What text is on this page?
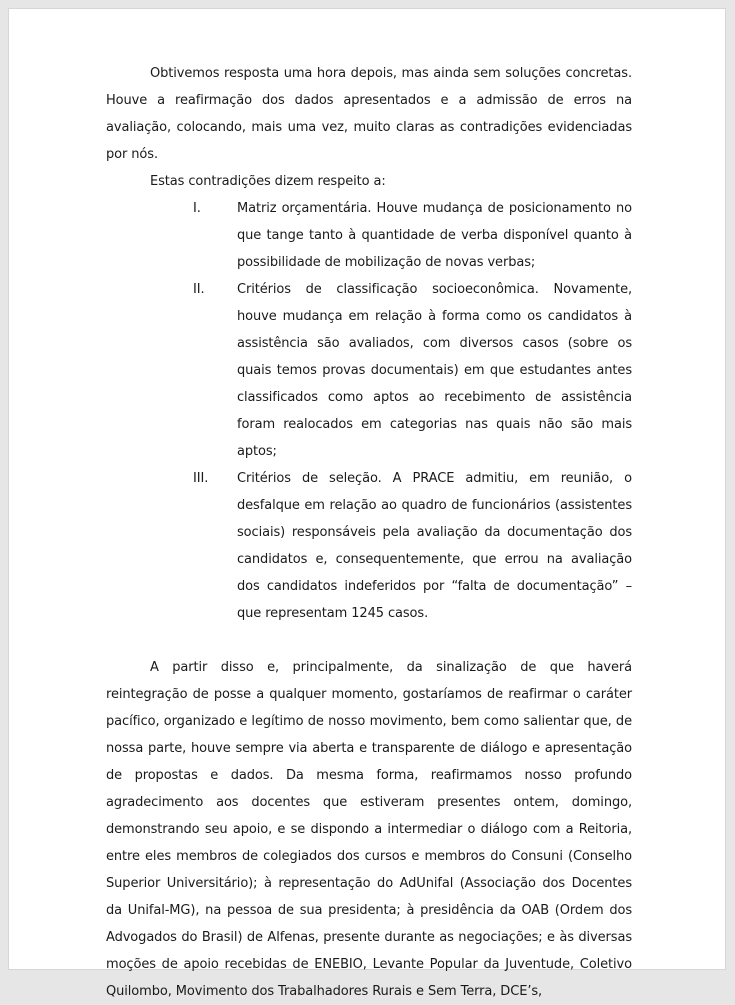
Obtivemos resposta uma hora depois, mas ainda sem soluções concretas. Houve a reafirmação dos dados apresentados e a admissão de erros na avaliação, colocando, mais uma vez, muito claras as contradições evidenciadas por nós.

Estas contradições dizem respeito a:

I.	Matriz orçamentária. Houve mudança de posicionamento no que tange tanto à quantidade de verba disponível quanto à possibilidade de mobilização de novas verbas;
II.	Critérios de classificação socioeconômica. Novamente, houve mudança em relação à forma como os candidatos à assistência são avaliados, com diversos casos (sobre os quais temos provas documentais) em que estudantes antes classificados como aptos ao recebimento de assistência foram realocados em categorias nas quais não são mais aptos;
III.	Critérios de seleção. A PRACE admitiu, em reunião, o desfalque em relação ao quadro de funcionários (assistentes sociais) responsáveis pela avaliação da documentação dos candidatos e, consequentemente, que errou na avaliação dos candidatos indeferidos por “falta de documentação” – que representam 1245 casos.

A partir disso e, principalmente, da sinalização de que haverá reintegração de posse a qualquer momento, gostaríamos de reafirmar o caráter pacífico, organizado e legítimo de nosso movimento, bem como salientar que, de nossa parte, houve sempre via aberta e transparente de diálogo e apresentação de propostas e dados. Da mesma forma, reafirmamos nosso profundo agradecimento aos docentes que estiveram presentes ontem, domingo, demonstrando seu apoio, e se dispondo a intermediar o diálogo com a Reitoria, entre eles membros de colegiados dos cursos e membros do Consuni (Conselho Superior Universitário); à representação do AdUnifal (Associação dos Docentes da Unifal-MG), na pessoa de sua presidenta; à presidência da OAB (Ordem dos Advogados do Brasil) de Alfenas, presente durante as negociações; e às diversas moções de apoio recebidas de ENEBIO, Levante Popular da Juventude, Coletivo Quilombo, Movimento dos Trabalhadores Rurais e Sem Terra, DCE’s,
